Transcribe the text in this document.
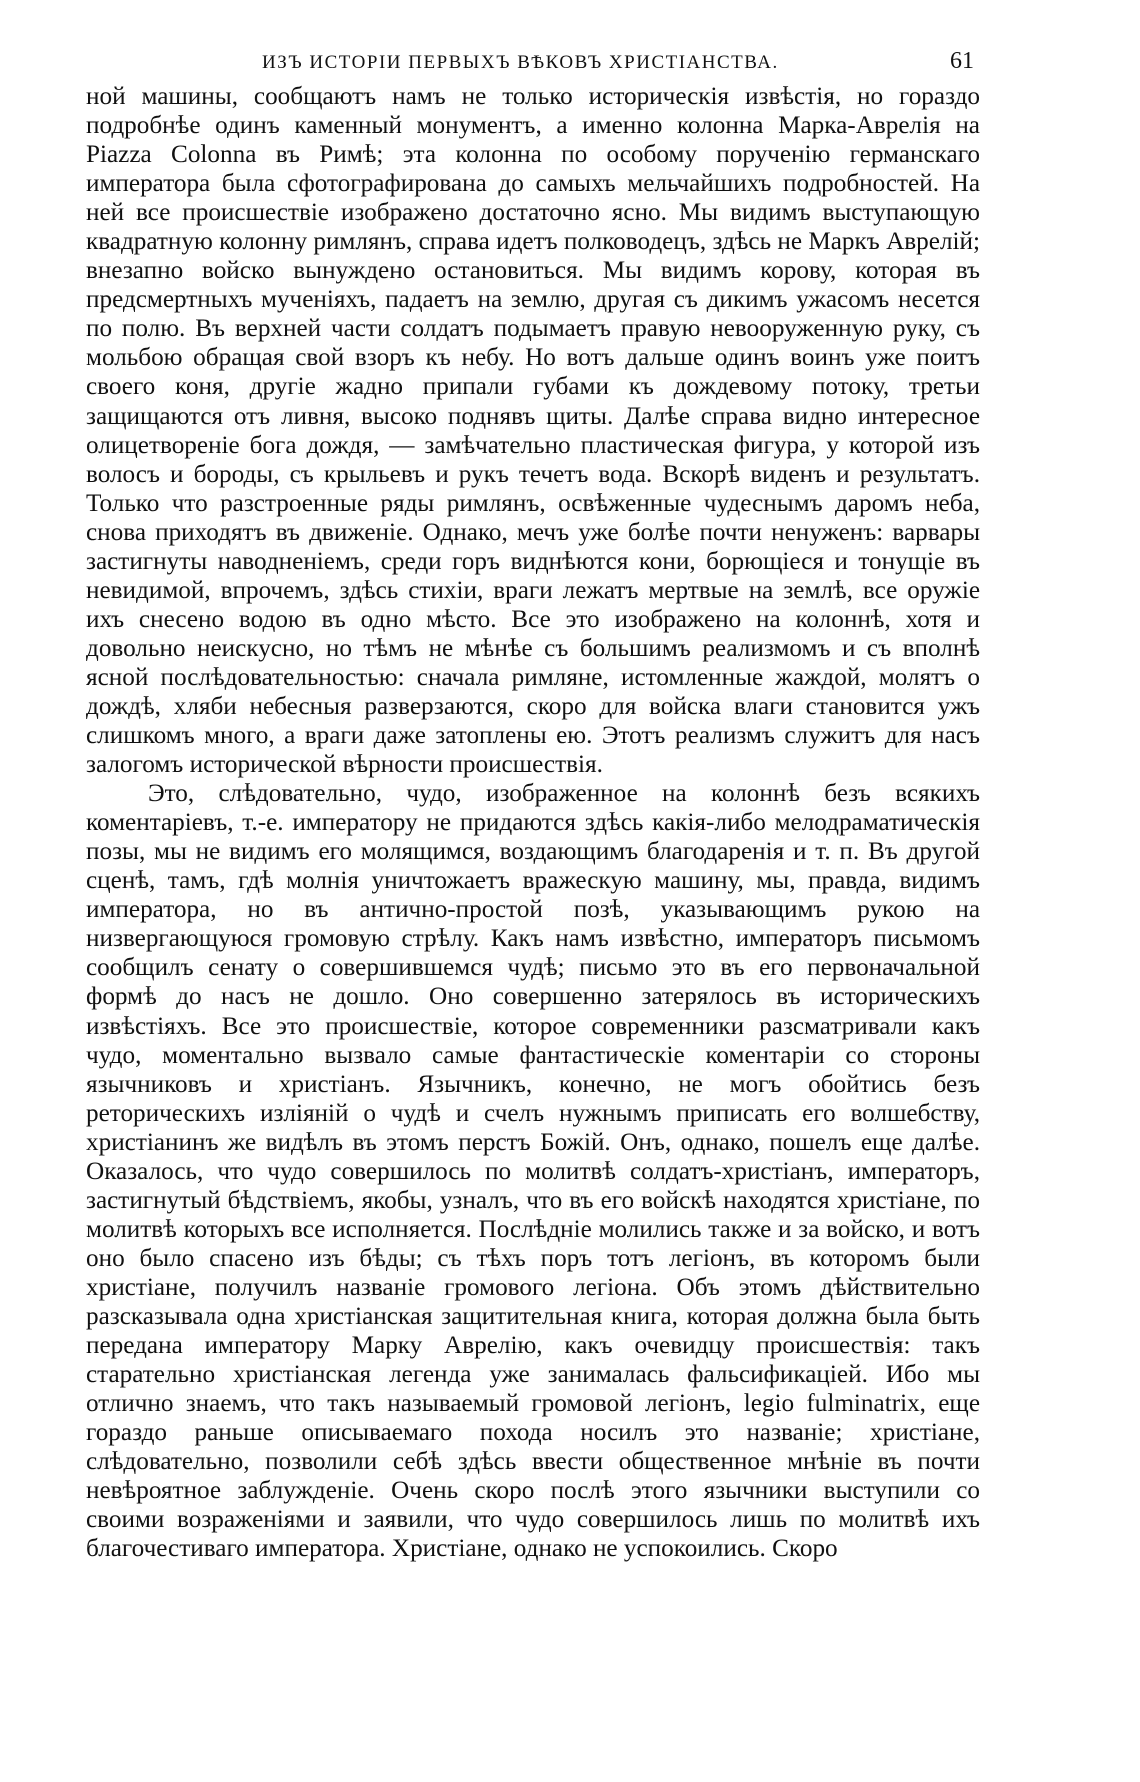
ИЗЪ ИСТОРІИ ПЕРВЫХЪ ВѢКОВЪ ХРИСТІАНСТВА.	61

ной машины, сообщаютъ намъ не только историческія извѣстія, но гораздо подробнѣе одинъ каменный монументъ, а именно колонна Марка-Аврелія на Piazza Colonna въ Римѣ; эта колонна по особому порученію германскаго императора была сфотографирована до самыхъ мельчайшихъ подробностей. На ней все происшествіе изображено достаточно ясно. Мы видимъ выступающую квадратную колонну римлянъ, справа идетъ полководецъ, здѣсь не Маркъ Аврелій; внезапно войско вынуждено остановиться. Мы видимъ корову, которая въ предсмертныхъ мученіяхъ, падаетъ на землю, другая съ дикимъ ужасомъ несется по полю. Въ верхней части солдатъ подымаетъ правую невооруженную руку, съ мольбою обращая свой взоръ къ небу. Но вотъ дальше одинъ воинъ уже поитъ своего коня, другіе жадно припали губами къ дождевому потоку, третьи защищаются отъ ливня, высоко поднявъ щиты. Далѣе справа видно интересное олицетвореніе бога дождя, — замѣчательно пластическая фигура, у которой изъ волосъ и бороды, съ крыльевъ и рукъ течетъ вода. Вскорѣ виденъ и результатъ. Только что разстроенные ряды римлянъ, освѣженные чудеснымъ даромъ неба, снова приходятъ въ движеніе. Однако, мечъ уже болѣе почти ненуженъ: варвары застигнуты наводненіемъ, среди горъ виднѣются кони, борющіеся и тонущіе въ невидимой, впрочемъ, здѣсь стихіи, враги лежатъ мертвые на землѣ, все оружіе ихъ снесено водою въ одно мѣсто. Все это изображено на колоннѣ, хотя и довольно неискусно, но тѣмъ не мѣнѣе съ большимъ реализмомъ и съ вполнѣ ясной послѣдовательностью: сначала римляне, истомленные жаждой, молятъ о дождѣ, хляби небесныя разверзаются, скоро для войска влаги становится ужъ слишкомъ много, а враги даже затоплены ею. Этотъ реализмъ служитъ для насъ залогомъ исторической вѣрности происшествія.

Это, слѣдовательно, чудо, изображенное на колоннѣ безъ всякихъ коментаріевъ, т.-е. императору не придаются здѣсь какія-либо мелодраматическія позы, мы не видимъ его молящимся, воздающимъ благодаренія и т. п. Въ другой сценѣ, тамъ, гдѣ молнія уничтожаетъ вражескую машину, мы, правда, видимъ императора, но въ антично-простой позѣ, указывающимъ рукою на низвергающуюся громовую стрѣлу. Какъ намъ извѣстно, императоръ письмомъ сообщилъ сенату о совершившемся чудѣ; письмо это въ его первоначальной формѣ до насъ не дошло. Оно совершенно затерялось въ историческихъ извѣстіяхъ. Все это происшествіе, которое современники разсматривали какъ чудо, моментально вызвало самые фантастическіе коментаріи со стороны язычниковъ и христіанъ. Язычникъ, конечно, не могъ обойтись безъ реторическихъ изліяній о чудѣ и счелъ нужнымъ приписать его волшебству, христіанинъ же видѣлъ въ этомъ перстъ Божій. Онъ, однако, пошелъ еще далѣе. Оказалось, что чудо совершилось по молитвѣ солдатъ-христіанъ, императоръ, застигнутый бѣдствіемъ, якобы, узналъ, что въ его войскѣ находятся христіане, по молитвѣ которыхъ все исполняется. Послѣдніе молились также и за войско, и вотъ оно было спасено изъ бѣды; съ тѣхъ поръ тотъ легіонъ, въ которомъ были христіане, получилъ названіе громового легіона. Объ этомъ дѣйствительно разсказывала одна христіанская защитительная книга, которая должна была быть передана императору Марку Аврелію, какъ очевидцу происшествія: такъ старательно христіанская легенда уже занималась фальсификаціей. Ибо мы отлично знаемъ, что такъ называемый громовой легіонъ, legio fulminatrix, еще гораздо раньше описываемаго похода носилъ это названіе; христіане, слѣдовательно, позволили себѣ здѣсь ввести общественное мнѣніе въ почти невѣроятное заблужденіе. Очень скоро послѣ этого язычники выступили со своими возраженіями и заявили, что чудо совершилось лишь по молитвѣ ихъ благочестиваго императора. Христіане, однако не успокоились. Скоро
